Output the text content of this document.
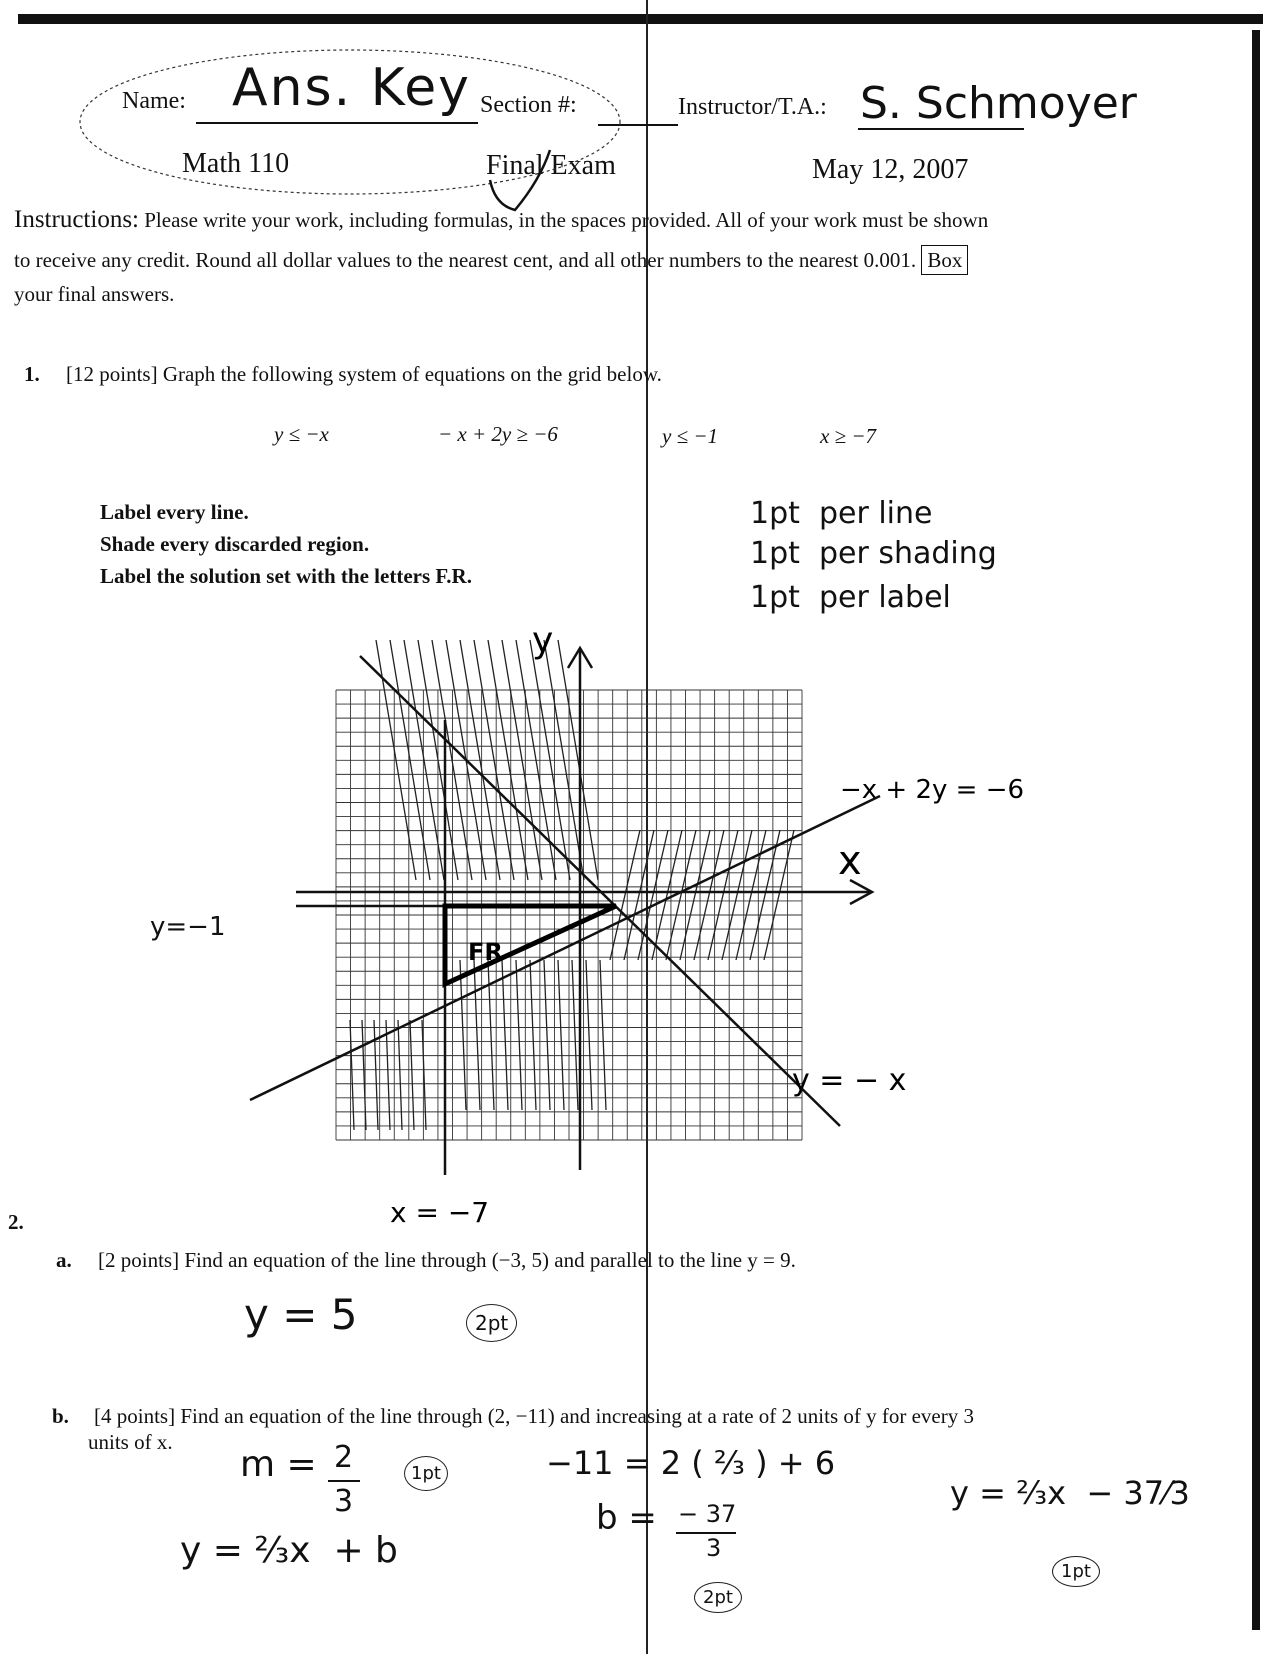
Name: Ans. Key Section #:	Instructor/T.A.: S. Schmoyer
Math 110	Final Exam	May 12, 2007
Instructions: Please write your work, including formulas, in the spaces provided. All of your work must be shown
to receive any credit. Round all dollar values to the nearest cent, and all other numbers to the nearest 0.001. Box
your final answers.
1. [12 points] Graph the following system of equations on the grid below.
y ≤ −x	− x + 2y ≥ −6	y ≤ −1	x ≥ −7
Label every line.
Shade every discarded region.
Label the solution set with the letters F.R.
1pt  per line
1pt  per shading
1pt  per label
y
x
−x + 2y = −6
y = − x
x = −7
FR
y=−1
2.
a. [2 points] Find an equation of the line through (−3, 5) and parallel to the line y = 9.
y = 5	2pt
b. [4 points] Find an equation of the line through (2, −11) and increasing at a rate of 2 units of y for every 3
units of x.
m = 2
3
1pt	−11 = 2 ( ⅔ ) + 6
b = − 37
3
2pt
y = ⅔x  + b
y = ⅔x  − 37⁄3
1pt
